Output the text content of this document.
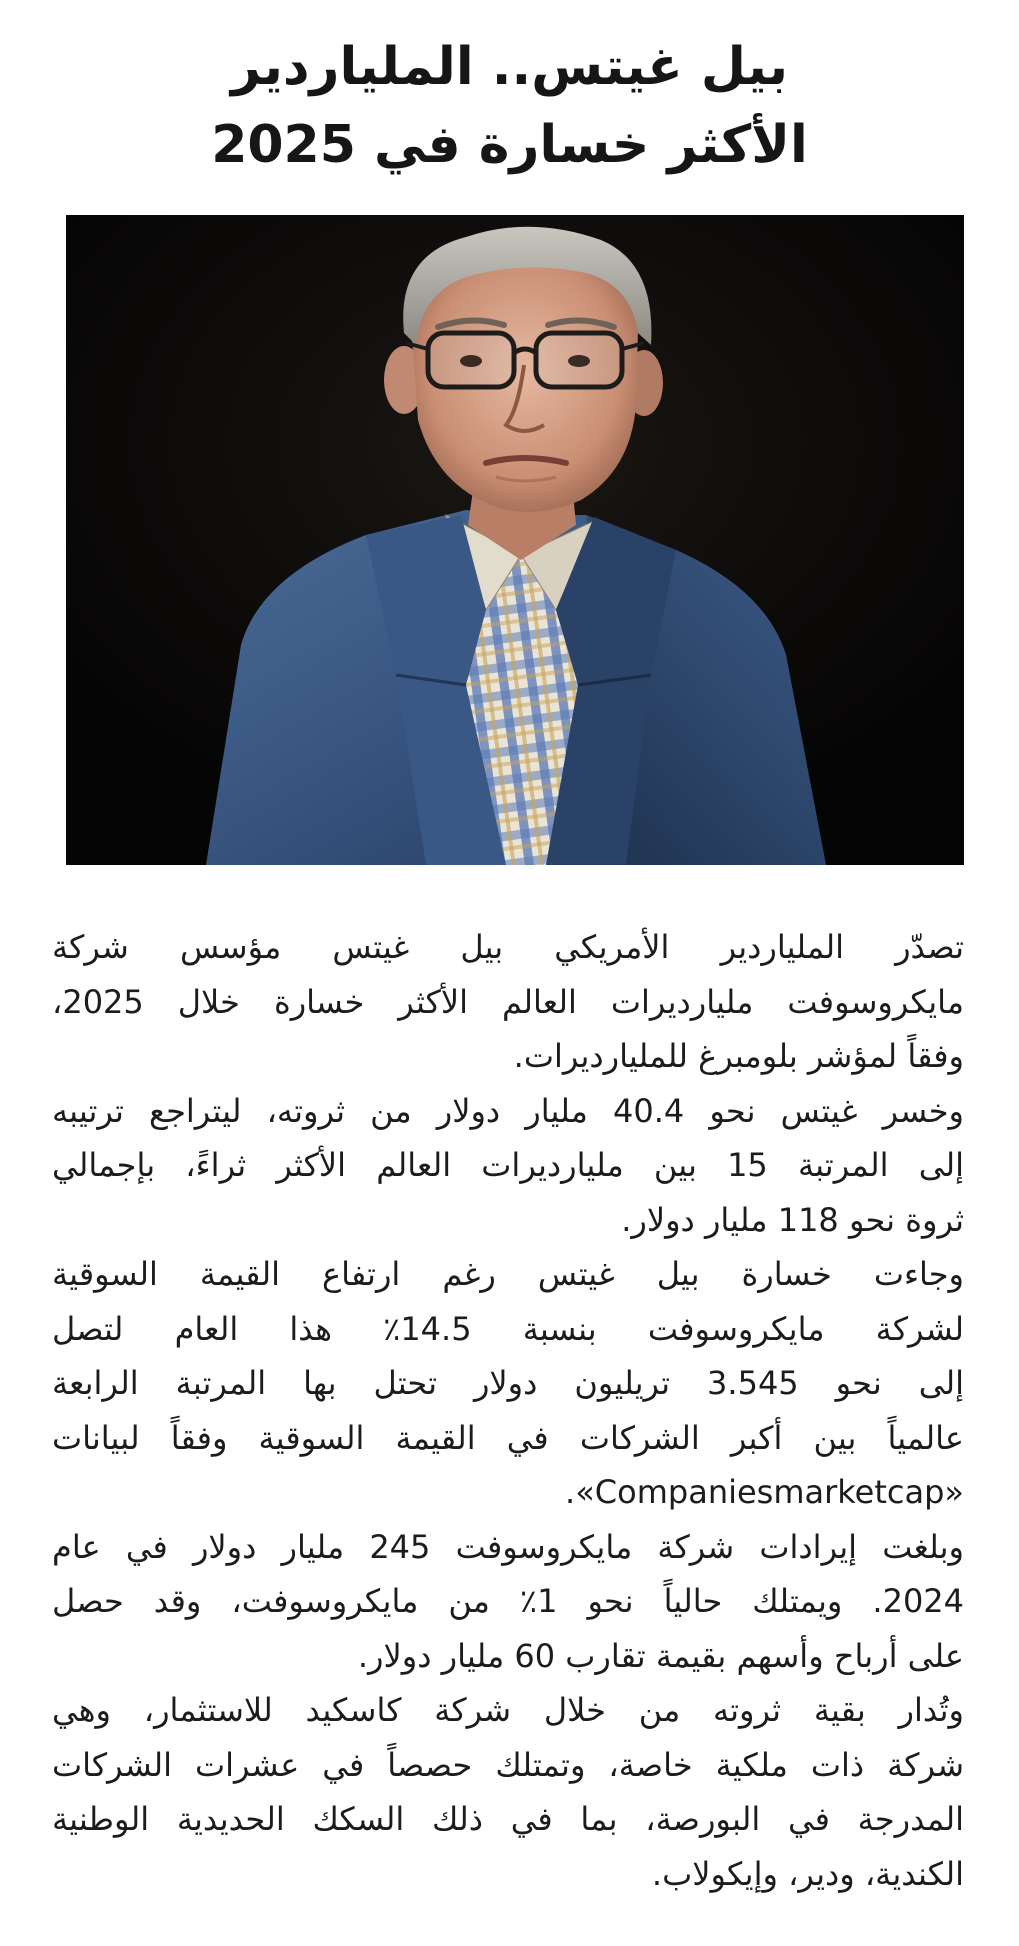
بيل غيتس.. الملياردير
الأكثر خسارة في 2025

تصدّر الملياردير الأمريكي بيل غيتس مؤسس شركة
مايكروسوفت مليارديرات العالم الأكثر خسارة خلال 2025،
وفقاً لمؤشر بلومبرغ للمليارديرات.

وخسر غيتس نحو 40.4 مليار دولار من ثروته، ليتراجع ترتيبه
إلى المرتبة 15 بين ملياردیرات العالم الأكثر ثراءً، بإجمالي
ثروة نحو 118 مليار دولار.

وجاءت خسارة بيل غيتس رغم ارتفاع القيمة السوقية
لشركة مايكروسوفت بنسبة 14.5٪ هذا العام لتصل
إلى نحو 3.545 تريليون دولار تحتل بها المرتبة الرابعة
عالمياً بين أكبر الشركات في القيمة السوقية وفقاً لبيانات
«Companiesmarketcap».

وبلغت إيرادات شركة مايكروسوفت 245 مليار دولار في عام
2024. ويمتلك حالياً نحو 1٪ من مايكروسوفت، وقد حصل
على أرباح وأسهم بقيمة تقارب 60 مليار دولار.

وتُدار بقية ثروته من خلال شركة كاسكيد للاستثمار، وهي
شركة ذات ملكية خاصة، وتمتلك حصصاً في عشرات الشركات
المدرجة في البورصة، بما في ذلك السكك الحديدية الوطنية
الكندية، ودير، وإيكولاب.
